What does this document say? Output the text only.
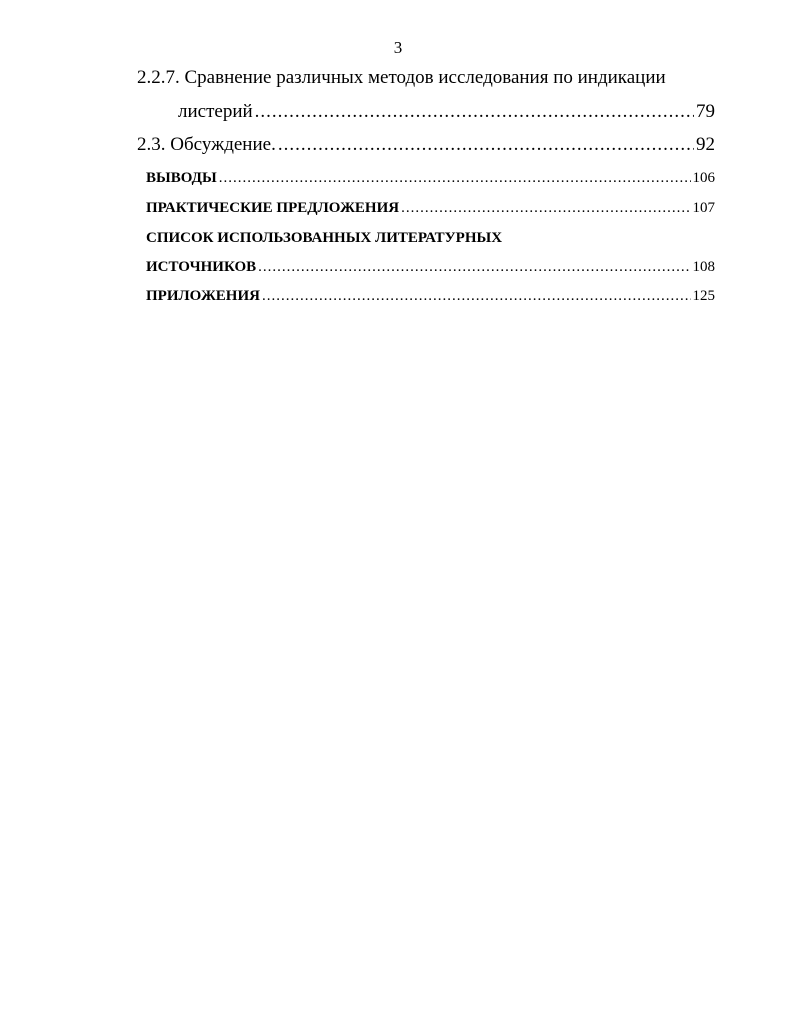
3
2.2.7. Сравнение различных методов исследования по индикации
листерий .....	79
2.3. Обсуждение. .....	92
ВЫВОДЫ .....	106
ПРАКТИЧЕСКИЕ ПРЕДЛОЖЕНИЯ .....	107
СПИСОК ИСПОЛЬЗОВАННЫХ ЛИТЕРАТУРНЫХ
ИСТОЧНИКОВ .....	108
ПРИЛОЖЕНИЯ .....	125
